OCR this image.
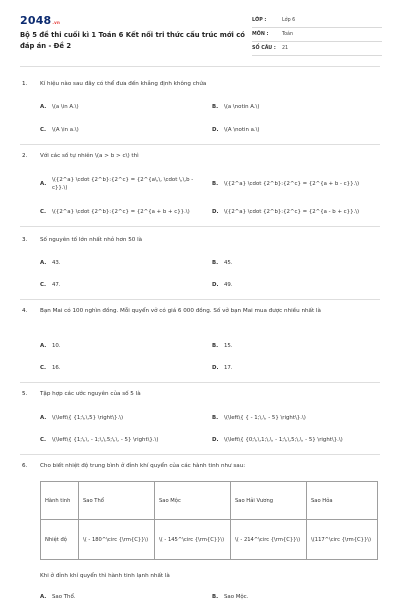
2048.vn
Bộ 5 đề thi cuối kì 1 Toán 6 Kết nối tri thức cấu trúc mới có đáp án - Đề 2
LỚP :	Lớp 6
MÔN :	Toán
SỐ CÂU :	21
1.	Kí hiệu nào sau đây có thể đưa đến khẳng định không chứa
A.	\(a \in A.\)	B.	\(a \notin A.\)
C.	\(A \in a.\)	D.	\(A \notin a.\)
2.	Với các số tự nhiên \(a > b > c\) thì
A.
\({2^a} \cdot {2^b}:{2^c} = {2^{a\,\, \cdot \,\,b - c}}.\)
B.	\({2^a} \cdot {2^b}:{2^c} = {2^{a + b - c}}.\)
C.	\({2^a} \cdot {2^b}:{2^c} = {2^{a + b + c}}.\)	D.	\({2^a} \cdot {2^b}:{2^c} = {2^{a - b + c}}.\)
3.	Số nguyên tố lớn nhất nhỏ hơn 50 là
A.	43.	B.	45.
C.	47.	D.	49.
4.	Bạn Mai có 100 nghìn đồng. Mỗi quyển vở có giá 6 000 đồng. Số vở bạn Mai mua được nhiều nhất là
A.	10.	B.	15.
C.	16.	D.	17.
5.	Tập hợp các ước nguyên của số 5 là
A.	\(\left\{ {1;\,\,5} \right\}.\)	B.	\(\left\{ { - 1;\,\, - 5} \right\}.\)
C.	\(\left\{ {1;\,\, - 1;\,\,5;\,\, - 5} \right\}.\)	D.	\(\left\{ {0;\,\,1;\,\, - 1;\,\,5;\,\, - 5} \right\}.\)
6.	Cho biết nhiệt độ trung bình ở đỉnh khí quyển của các hành tinh như sau:
Hành tinh	Sao Thổ	Sao Mộc	Sao Hải Vương	Sao Hỏa
Nhiệt độ	\( - 180^\circ {\rm{C}}\)	\( - 145^\circ {\rm{C}}\)	\( - 214^\circ {\rm{C}}\)	\(117^\circ {\rm{C}}\)
Khi ở đỉnh khí quyển thì hành tinh lạnh nhất là
A.	Sao Thổ.	B.	Sao Mộc.
